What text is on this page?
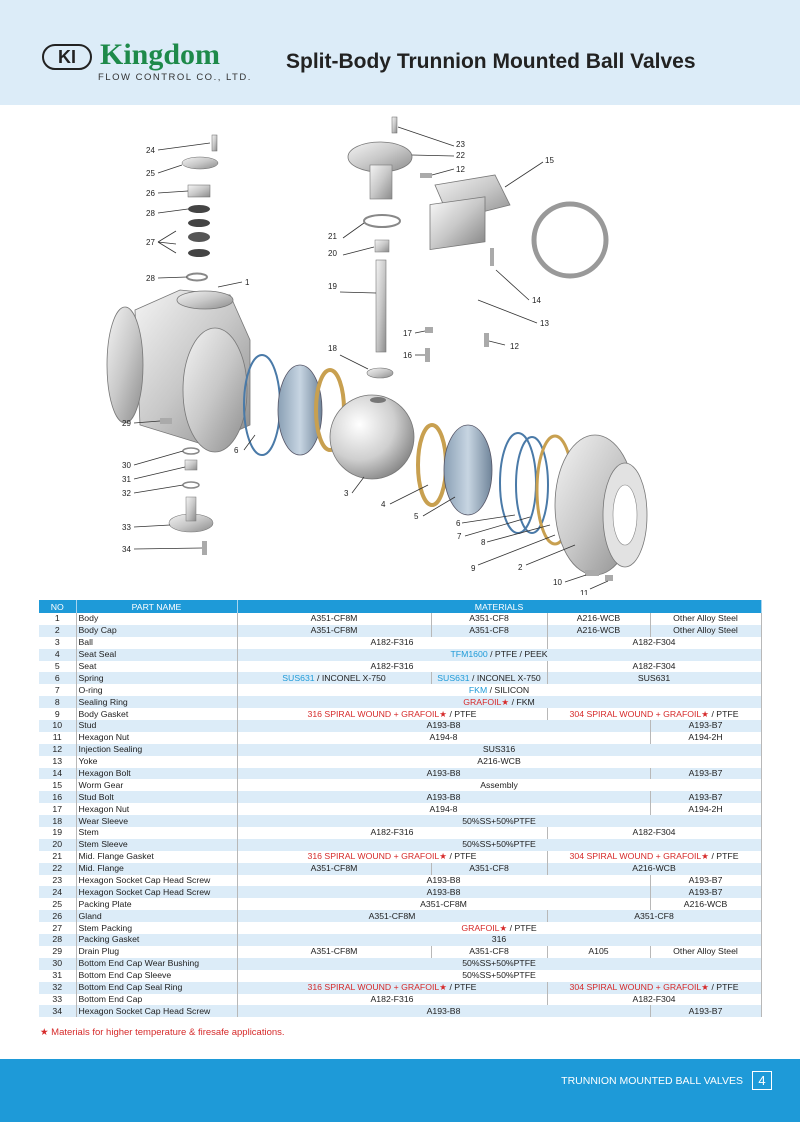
KI Kingdom
FLOW CONTROL CO., LTD.
Split-Body Trunnion Mounted Ball Valves
24
25
26
28
27
28	1
23
22
12
15
21
20
19
14
13
17
16
12
18
29
6
30
31
32	3
4
5
6
7
8
9	2
33
34
10
11
NO	PART NAME	MATERIALS			
1	Body	A351-CF8M	A351-CF8	A216-WCB	Other Alloy Steel
2	Body Cap	A351-CF8M	A351-CF8	A216-WCB	Other Alloy Steel
3	Ball	A182-F316		A182-F304	
4	Seat Seal	TFM1600 / PTFE / PEEK			
5	Seat	A182-F316		A182-F304	
6	Spring	SUS631 / INCONEL X-750	SUS631 / INCONEL X-750	SUS631	
7	O-ring	FKM / SILICON			
8	Sealing Ring	GRAFOIL★ / FKM			
9	Body Gasket	316 SPIRAL WOUND + GRAFOIL★ / PTFE		304 SPIRAL WOUND + GRAFOIL★ / PTFE	
10	Stud	A193-B8			A193-B7
11	Hexagon Nut	A194-8			A194-2H
12	Injection Sealing	SUS316			
13	Yoke	A216-WCB			
14	Hexagon Bolt	A193-B8			A193-B7
15	Worm Gear	Assembly			
16	Stud Bolt	A193-B8			A193-B7
17	Hexagon Nut	A194-8			A194-2H
18	Wear Sleeve	50%SS+50%PTFE			
19	Stem	A182-F316		A182-F304	
20	Stem Sleeve	50%SS+50%PTFE			
21	Mid. Flange Gasket	316 SPIRAL WOUND + GRAFOIL★ / PTFE		304 SPIRAL WOUND + GRAFOIL★ / PTFE	
22	Mid. Flange	A351-CF8M	A351-CF8	A216-WCB	
23	Hexagon Socket Cap Head Screw	A193-B8			A193-B7
24	Hexagon Socket Cap Head Screw	A193-B8			A193-B7
25	Packing Plate	A351-CF8M			A216-WCB
26	Gland	A351-CF8M		A351-CF8	
27	Stem Packing	GRAFOIL★ / PTFE			
28	Packing Gasket	316			
29	Drain Plug	A351-CF8M	A351-CF8	A105	Other Alloy Steel
30	Bottom End Cap Wear Bushing	50%SS+50%PTFE			
31	Bottom End Cap Sleeve	50%SS+50%PTFE			
32	Bottom End Cap Seal Ring	316 SPIRAL WOUND + GRAFOIL★ / PTFE		304 SPIRAL WOUND + GRAFOIL★ / PTFE	
33	Bottom End Cap	A182-F316		A182-F304	
34	Hexagon Socket Cap Head Screw	A193-B8			A193-B7
★ Materials for higher temperature & firesafe applications.
TRUNNION MOUNTED BALL VALVES	4
